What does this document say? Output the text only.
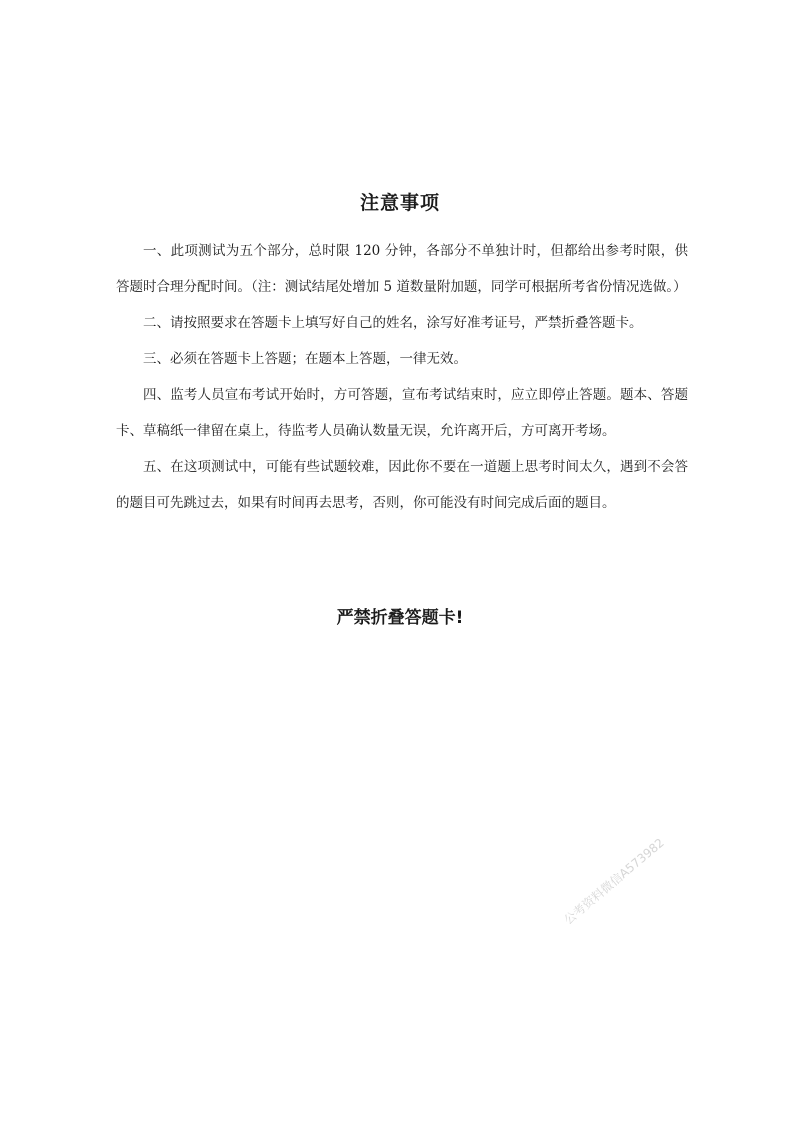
注意事项

一、此项测试为五个部分，总时限 120 分钟，各部分不单独计时，但都给出参考时限，供答题时合理分配时间。（注：测试结尾处增加 5 道数量附加题，同学可根据所考省份情况选做。）

二、请按照要求在答题卡上填写好自己的姓名，涂写好准考证号，严禁折叠答题卡。

三、必须在答题卡上答题；在题本上答题，一律无效。

四、监考人员宣布考试开始时，方可答题，宣布考试结束时，应立即停止答题。题本、答题卡、草稿纸一律留在桌上，待监考人员确认数量无误，允许离开后，方可离开考场。

五、在这项测试中，可能有些试题较难，因此你不要在一道题上思考时间太久，遇到不会答的题目可先跳过去，如果有时间再去思考，否则，你可能没有时间完成后面的题目。

严禁折叠答题卡!
公考资料微信A573982
